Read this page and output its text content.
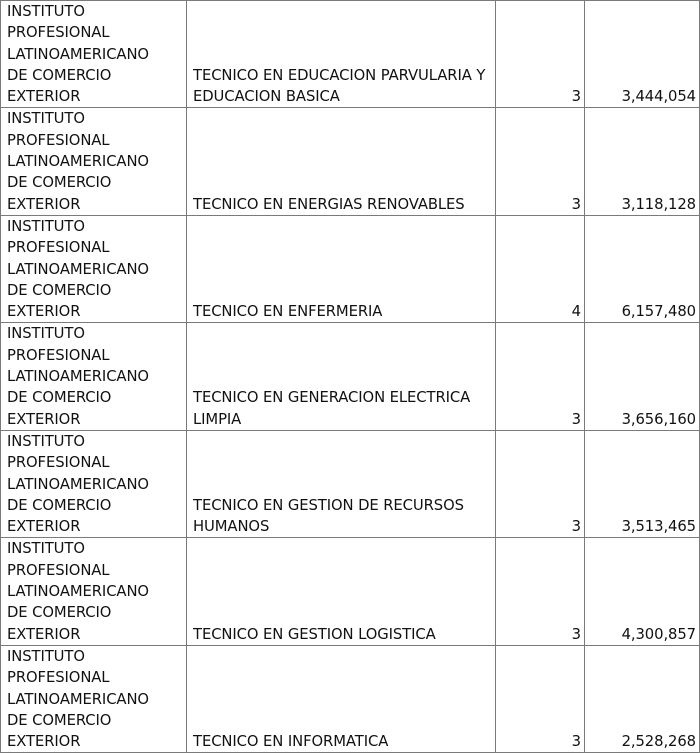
INSTITUTO
PROFESIONAL
LATINOAMERICANO
DE COMERCIO
EXTERIOR	TECNICO EN EDUCACION PARVULARIA Y EDUCACION BASICA	3	3,444,054

INSTITUTO
PROFESIONAL
LATINOAMERICANO
DE COMERCIO
EXTERIOR	TECNICO EN ENERGIAS RENOVABLES	3	3,118,128

INSTITUTO
PROFESIONAL
LATINOAMERICANO
DE COMERCIO
EXTERIOR	TECNICO EN ENFERMERIA	4	6,157,480

INSTITUTO
PROFESIONAL
LATINOAMERICANO
DE COMERCIO
EXTERIOR	TECNICO EN GENERACION ELECTRICA LIMPIA	3	3,656,160

INSTITUTO
PROFESIONAL
LATINOAMERICANO
DE COMERCIO
EXTERIOR	TECNICO EN GESTION DE RECURSOS HUMANOS	3	3,513,465

INSTITUTO
PROFESIONAL
LATINOAMERICANO
DE COMERCIO
EXTERIOR	TECNICO EN GESTION LOGISTICA	3	4,300,857

INSTITUTO
PROFESIONAL
LATINOAMERICANO
DE COMERCIO
EXTERIOR	TECNICO EN INFORMATICA	3	2,528,268
